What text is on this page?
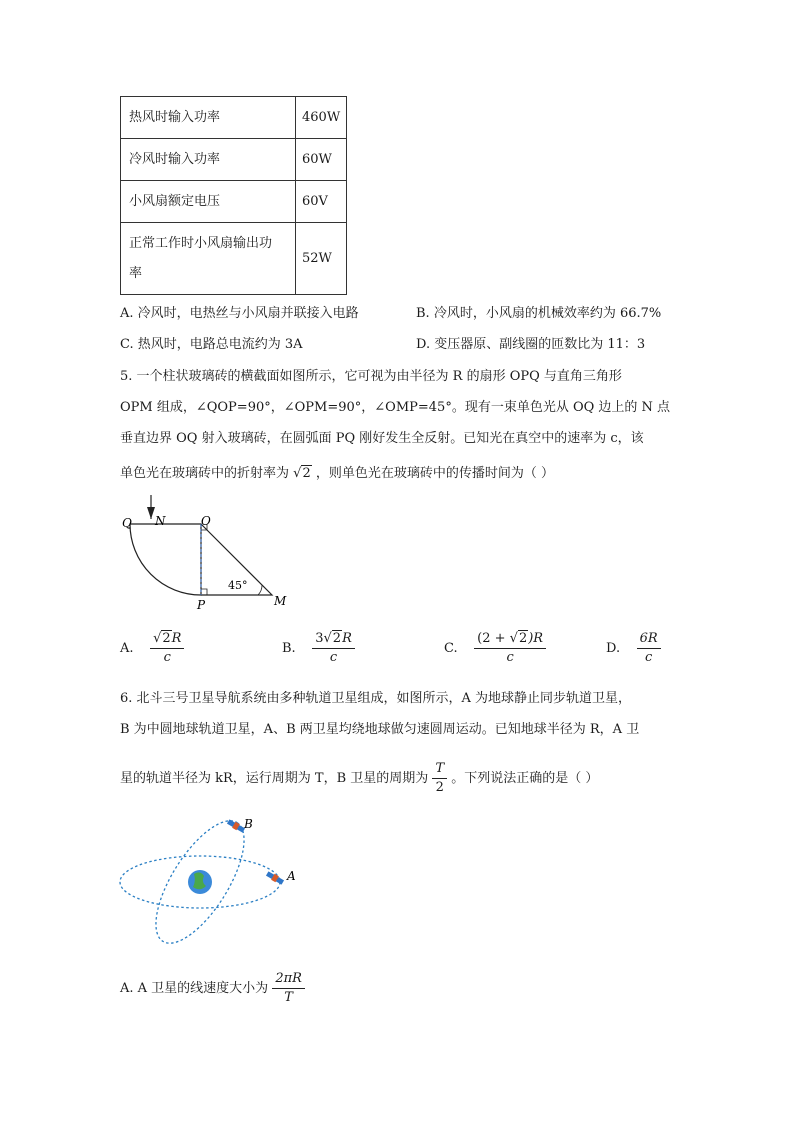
热风时输入功率	460W
冷风时输入功率	60W
小风扇额定电压	60V

正常工作时小风扇输出功
率	52W
A. 冷风时，电热丝与小风扇并联接入电路	B. 冷风时，小风扇的机械效率约为 66.7%
C. 热风时，电路总电流约为 3A	D. 变压器原、副线圈的匝数比为 11：3
5. 一个柱状玻璃砖的横截面如图所示，它可视为由半径为 R 的扇形 OPQ 与直角三角形
OPM 组成，∠QOP=90°，∠OPM=90°，∠OMP=45°。现有一束单色光从 OQ 边上的 N 点
垂直边界 OQ 射入玻璃砖，在圆弧面 PQ 刚好发生全反射。已知光在真空中的速率为 c，该
单色光在玻璃砖中的折射率为 √2 ，则单色光在玻璃砖中的传播时间为（ ）
Q N	O
P	M
45°
A. $\frac{√2R}{c}$	B. $\frac{3√2R}{c}$	C. $\frac{(2 + √2)R}{c}$	D. $\frac{6R}{c}$
6. 北斗三号卫星导航系统由多种轨道卫星组成，如图所示，A 为地球静止同步轨道卫星，
B 为中圆地球轨道卫星，A、B 两卫星均绕地球做匀速圆周运动。已知地球半径为 R，A 卫
星的轨道半径为 kR，运行周期为 T，B 卫星的周期为 $\frac{T}{2}$ 。下列说法正确的是（ ）
B
A
A. A 卫星的线速度大小为 $\frac{2\pi R}{T}$
